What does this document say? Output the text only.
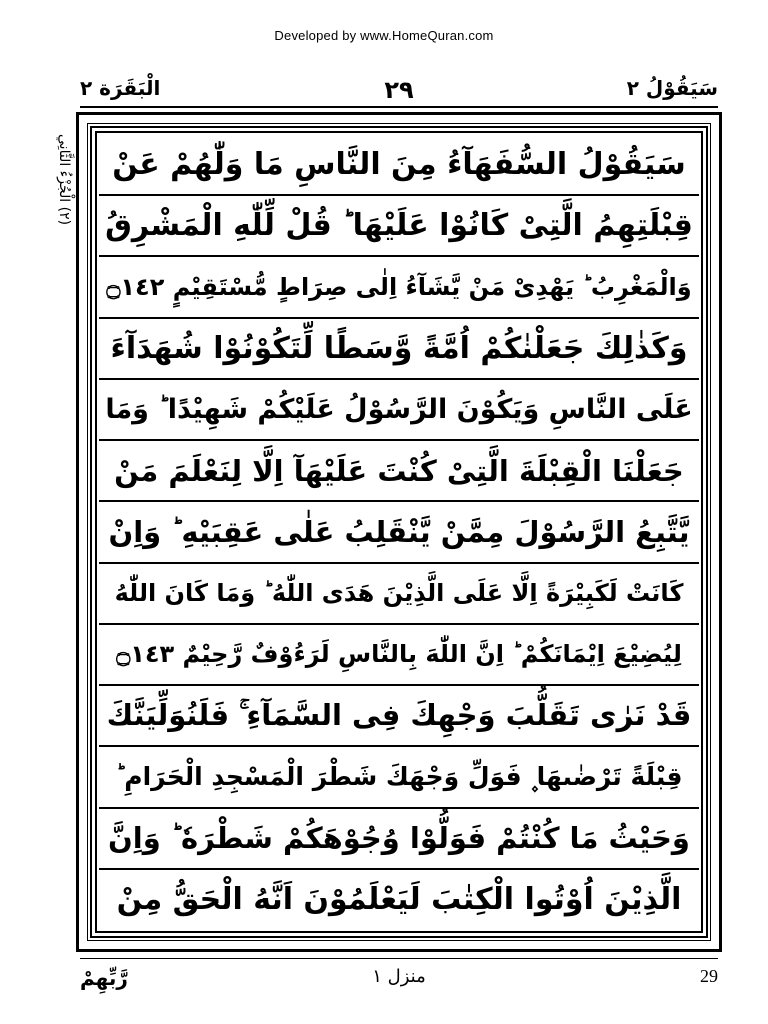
Developed by www.HomeQuran.com
الْبَقَرَة ٢	٢٩	سَيَقُوْلُ ٢
(٢) الْجُزْءُ الثَّانِي
سَيَقُوْلُ السُّفَهَآءُ مِنَ النَّاسِ مَا وَلّٰهُمْ عَنْ
قِبْلَتِهِمُ الَّتِىْ كَانُوْا عَلَيْهَا ؕ قُلْ لِّلّٰهِ الْمَشْرِقُ
وَالْمَغْرِبُ ؕ يَهْدِىْ مَنْ يَّشَآءُ اِلٰى صِرَاطٍ مُّسْتَقِيْمٍ ۝١٤٢
وَكَذٰلِكَ جَعَلْنٰكُمْ اُمَّةً وَّسَطًا لِّتَكُوْنُوْا شُهَدَآءَ
عَلَى النَّاسِ وَيَكُوْنَ الرَّسُوْلُ عَلَيْكُمْ شَهِيْدًا ؕ وَمَا
جَعَلْنَا الْقِبْلَةَ الَّتِىْ كُنْتَ عَلَيْهَآ اِلَّا لِنَعْلَمَ مَنْ
يَّتَّبِعُ الرَّسُوْلَ مِمَّنْ يَّنْقَلِبُ عَلٰى عَقِبَيْهِ ؕ وَاِنْ
كَانَتْ لَكَبِيْرَةً اِلَّا عَلَى الَّذِيْنَ هَدَى اللّٰهُ ؕ وَمَا كَانَ اللّٰهُ
لِيُضِيْعَ اِيْمَانَكُمْ ؕ اِنَّ اللّٰهَ بِالنَّاسِ لَرَءُوْفٌ رَّحِيْمٌ ۝١٤٣
قَدْ نَرٰى تَقَلُّبَ وَجْهِكَ فِى السَّمَآءِ ۚ فَلَنُوَلِّيَنَّكَ
قِبْلَةً تَرْضٰىهَا ۪ فَوَلِّ وَجْهَكَ شَطْرَ الْمَسْجِدِ الْحَرَامِ ؕ
وَحَيْثُ مَا كُنْتُمْ فَوَلُّوْا وُجُوْهَكُمْ شَطْرَهٗ ؕ وَاِنَّ
الَّذِيْنَ اُوْتُوا الْكِتٰبَ لَيَعْلَمُوْنَ اَنَّهُ الْحَقُّ مِنْ
رَّبِّهِمْ	منزل ١	29
